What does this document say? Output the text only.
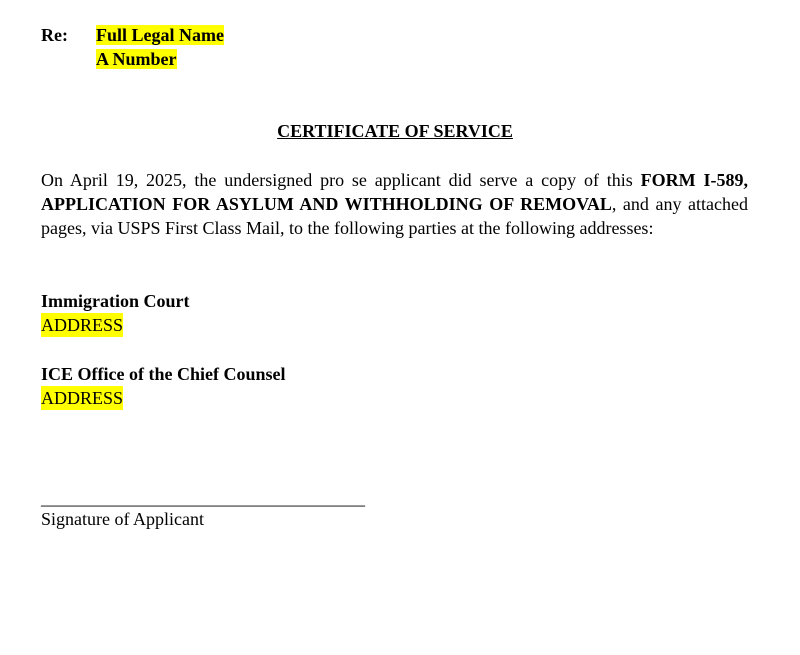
Re: Full Legal Name
A Number
CERTIFICATE OF SERVICE
On April 19, 2025, the undersigned pro se applicant did serve a copy of this FORM I-589, APPLICATION FOR ASYLUM AND WITHHOLDING OF REMOVAL, and any attached pages, via USPS First Class Mail, to the following parties at the following addresses:
Immigration Court
ADDRESS
ICE Office of the Chief Counsel
ADDRESS
____________________________________
Signature of Applicant
